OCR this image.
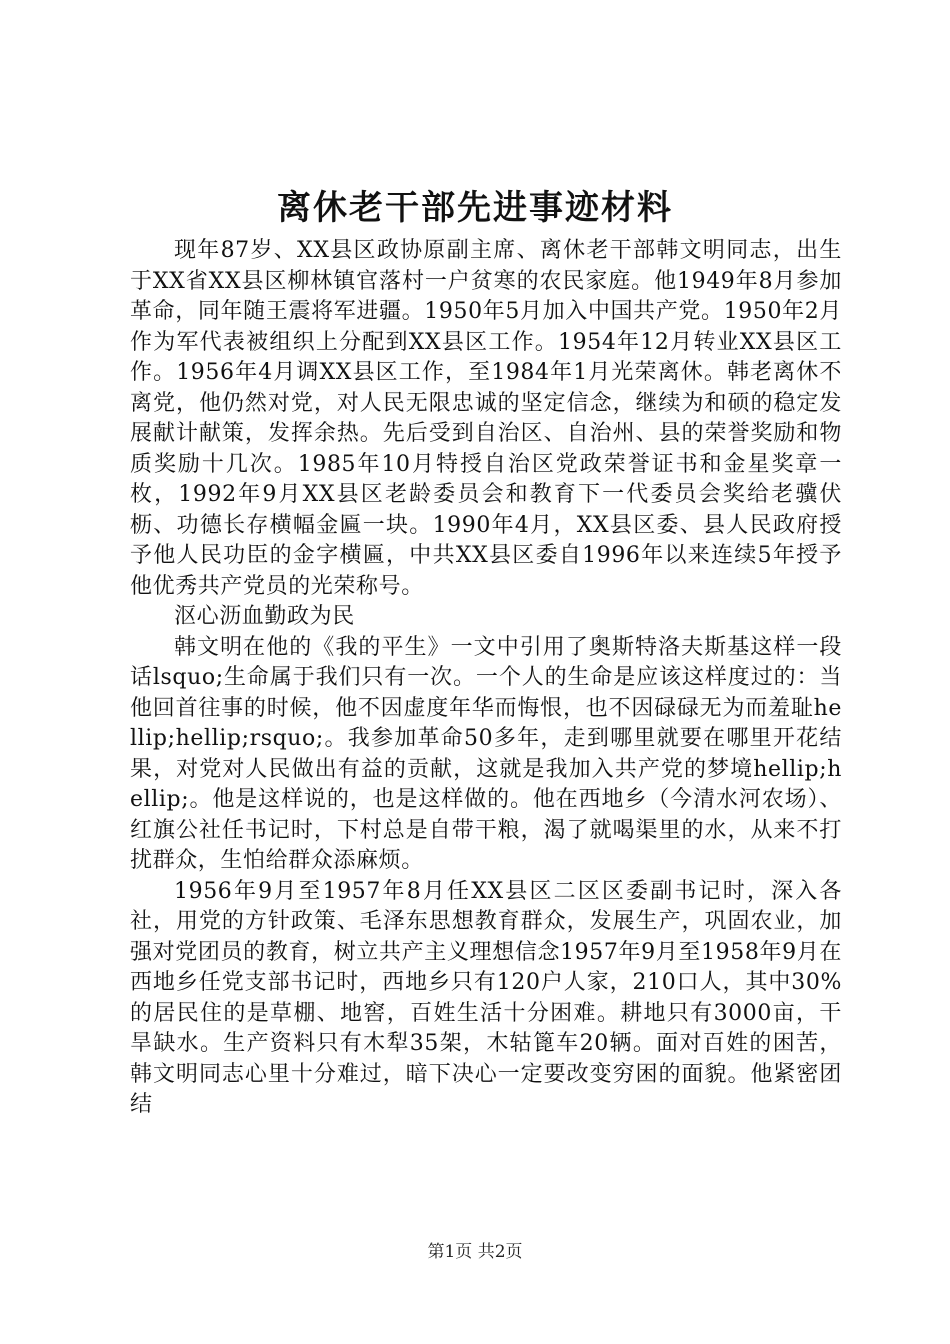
离休老干部先进事迹材料

现年87岁、XX县区政协原副主席、离休老干部韩文明同志，出生于XX省XX县区柳林镇官落村一户贫寒的农民家庭。他1949年8月参加革命，同年随王震将军进疆。1950年5月加入中国共产党。1950年2月作为军代表被组织上分配到XX县区工作。1954年12月转业XX县区工作。1956年4月调XX县区工作，至1984年1月光荣离休。韩老离休不离党，他仍然对党，对人民无限忠诚的坚定信念，继续为和硕的稳定发展献计献策，发挥余热。先后受到自治区、自治州、县的荣誉奖励和物质奖励十几次。1985年10月特授自治区党政荣誉证书和金星奖章一枚，1992年9月XX县区老龄委员会和教育下一代委员会奖给老骥伏枥、功德长存横幅金匾一块。1990年4月，XX县区委、县人民政府授予他人民功臣的金字横匾，中共XX县区委自1996年以来连续5年授予他优秀共产党员的光荣称号。

沤心沥血勤政为民

韩文明在他的《我的平生》一文中引用了奥斯特洛夫斯基这样一段话lsquo;生命属于我们只有一次。一个人的生命是应该这样度过的：当他回首往事的时候，他不因虚度年华而悔恨，也不因碌碌无为而羞耻hellip;hellip;rsquo;。我参加革命50多年，走到哪里就要在哪里开花结果，对党对人民做出有益的贡献，这就是我加入共产党的梦境hellip;hellip;。他是这样说的，也是这样做的。他在西地乡（今清水河农场）、红旗公社任书记时，下村总是自带干粮，渴了就喝渠里的水，从来不打扰群众，生怕给群众添麻烦。

1956年9月至1957年8月任XX县区二区区委副书记时，深入各社，用党的方针政策、毛泽东思想教育群众，发展生产，巩固农业，加强对党团员的教育，树立共产主义理想信念1957年9月至1958年9月在西地乡任党支部书记时，西地乡只有120户人家，210口人，其中30%的居民住的是草棚、地窖，百姓生活十分困难。耕地只有3000亩，干旱缺水。生产资料只有木犁35架，木轱篦车20辆。面对百姓的困苦，韩文明同志心里十分难过，暗下决心一定要改变穷困的面貌。他紧密团结

第1页 共2页
